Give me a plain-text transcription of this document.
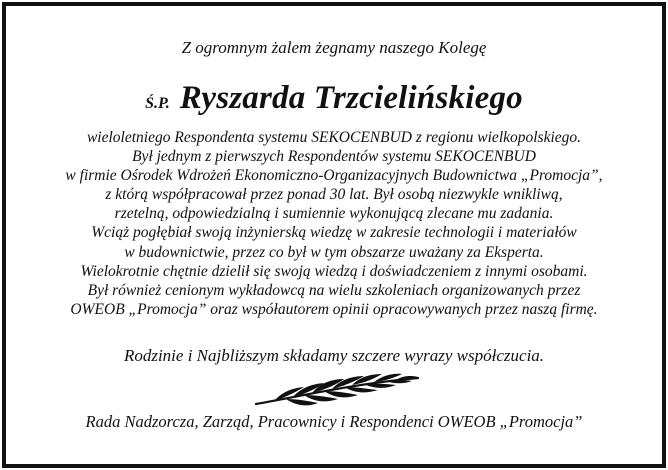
Z ogromnym żalem żegnamy naszego Kolegę
Ś.P. Ryszarda Trzcielińskiego
wieloletniego Respondenta systemu SEKOCENBUD z regionu wielkopolskiego.
Był jednym z pierwszych Respondentów systemu SEKOCENBUD
w firmie Ośrodek Wdrożeń Ekonomiczno-Organizacyjnych Budownictwa „Promocja”,
z którą współpracował przez ponad 30 lat. Był osobą niezwykle wnikliwą,
rzetelną, odpowiedzialną i sumiennie wykonującą zlecane mu zadania.
Wciąż pogłębiał swoją inżynierską wiedzę w zakresie technologii i materiałów
w budownictwie, przez co był w tym obszarze uważany za Eksperta.
Wielokrotnie chętnie dzielił się swoją wiedzą i doświadczeniem z innymi osobami.
Był również cenionym wykładowcą na wielu szkoleniach organizowanych przez
OWEOB „Promocja” oraz współautorem opinii opracowywanych przez naszą firmę.
Rodzinie i Najbliższym składamy szczere wyrazy współczucia.
Rada Nadzorcza, Zarząd, Pracownicy i Respondenci OWEOB „Promocja”
